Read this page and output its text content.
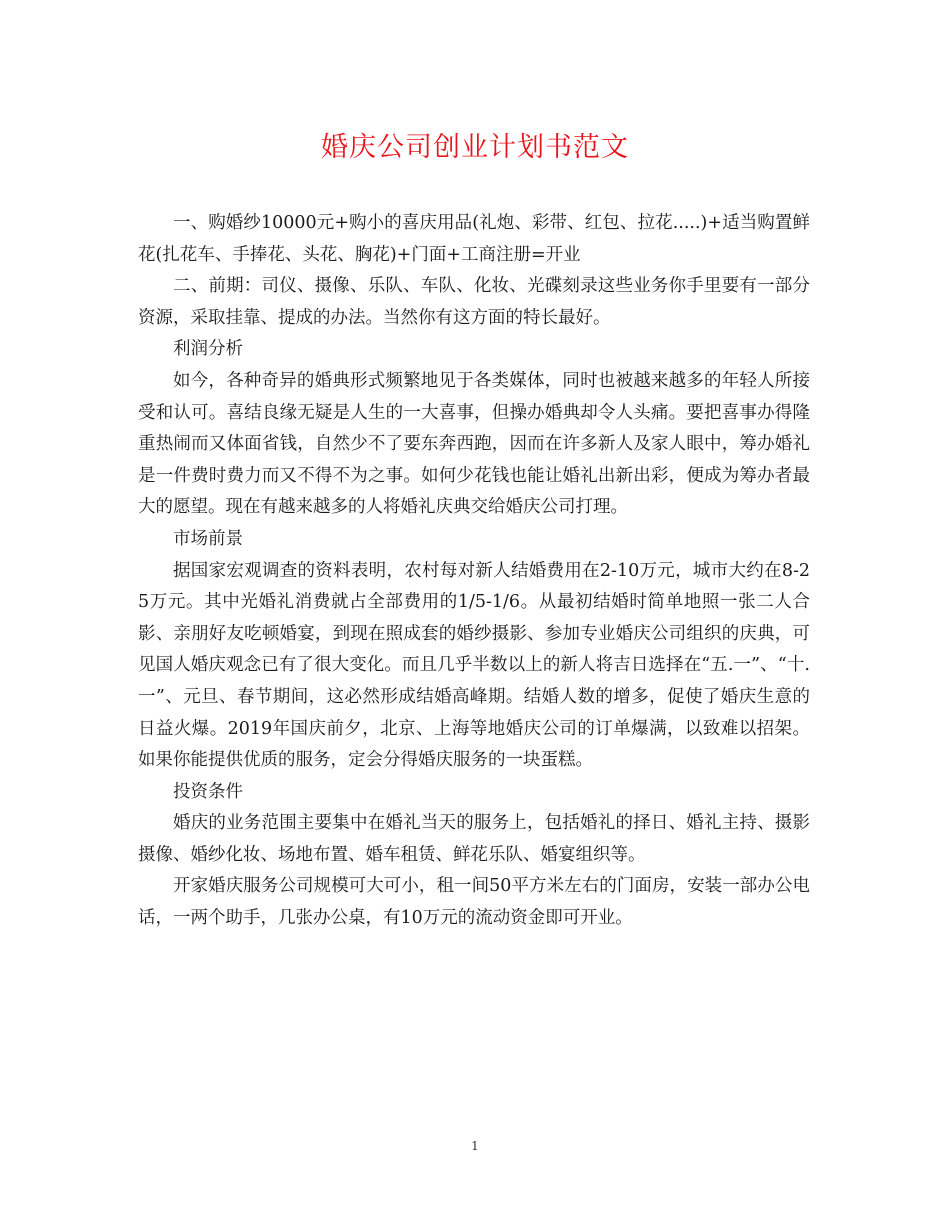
婚庆公司创业计划书范文

一、购婚纱10000元+购小的喜庆用品(礼炮、彩带、红包、拉花.....)+适当购置鲜花(扎花车、手捧花、头花、胸花)+门面+工商注册=开业

二、前期：司仪、摄像、乐队、车队、化妆、光碟刻录这些业务你手里要有一部分资源，采取挂靠、提成的办法。当然你有这方面的特长最好。

利润分析

如今，各种奇异的婚典形式频繁地见于各类媒体，同时也被越来越多的年轻人所接受和认可。喜结良缘无疑是人生的一大喜事，但操办婚典却令人头痛。要把喜事办得隆重热闹而又体面省钱，自然少不了要东奔西跑，因而在许多新人及家人眼中，筹办婚礼是一件费时费力而又不得不为之事。如何少花钱也能让婚礼出新出彩，便成为筹办者最大的愿望。现在有越来越多的人将婚礼庆典交给婚庆公司打理。

市场前景

据国家宏观调查的资料表明，农村每对新人结婚费用在2-10万元，城市大约在8-25万元。其中光婚礼消费就占全部费用的1/5-1/6。从最初结婚时简单地照一张二人合影、亲朋好友吃顿婚宴，到现在照成套的婚纱摄影、参加专业婚庆公司组织的庆典，可见国人婚庆观念已有了很大变化。而且几乎半数以上的新人将吉日选择在“五.一”、“十.一”、元旦、春节期间，这必然形成结婚高峰期。结婚人数的增多，促使了婚庆生意的日益火爆。2019年国庆前夕，北京、上海等地婚庆公司的订单爆满，以致难以招架。如果你能提供优质的服务，定会分得婚庆服务的一块蛋糕。

投资条件

婚庆的业务范围主要集中在婚礼当天的服务上，包括婚礼的择日、婚礼主持、摄影摄像、婚纱化妆、场地布置、婚车租赁、鲜花乐队、婚宴组织等。

开家婚庆服务公司规模可大可小，租一间50平方米左右的门面房，安装一部办公电话，一两个助手，几张办公桌，有10万元的流动资金即可开业。

1
